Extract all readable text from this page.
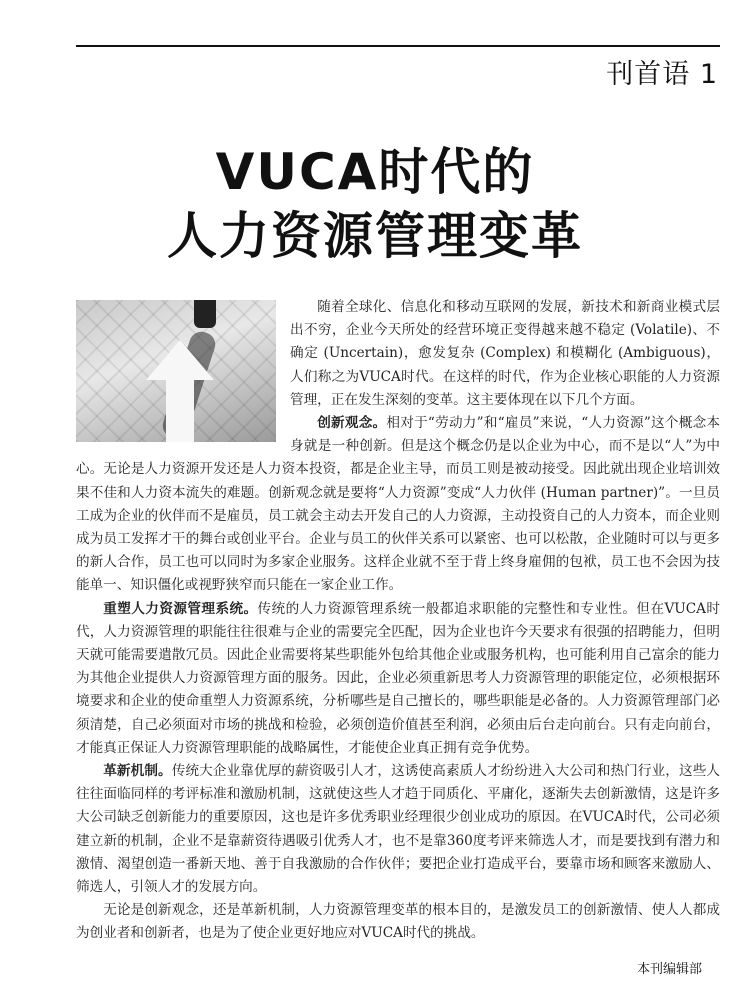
刊首语 1
VUCA时代的
人力资源管理变革

随着全球化、信息化和移动互联网的发展，新技术和新商业模式层出不穷，企业今天所处的经营环境正变得越来越不稳定 (Volatile)、不确定 (Uncertain)，愈发复杂 (Complex) 和模糊化 (Ambiguous)，人们称之为VUCA时代。在这样的时代，作为企业核心职能的人力资源管理，正在发生深刻的变革。这主要体现在以下几个方面。

创新观念。相对于“劳动力”和“雇员”来说，“人力资源”这个概念本身就是一种创新。但是这个概念仍是以企业为中心，而不是以“人”为中心。无论是人力资源开发还是人力资本投资，都是企业主导，而员工则是被动接受。因此就出现企业培训效果不佳和人力资本流失的难题。创新观念就是要将“人力资源”变成“人力伙伴 (Human partner)”。一旦员工成为企业的伙伴而不是雇员，员工就会主动去开发自己的人力资源，主动投资自己的人力资本，而企业则成为员工发挥才干的舞台或创业平台。企业与员工的伙伴关系可以紧密、也可以松散，企业随时可以与更多的新人合作，员工也可以同时为多家企业服务。这样企业就不至于背上终身雇佣的包袱，员工也不会因为技能单一、知识僵化或视野狭窄而只能在一家企业工作。

重塑人力资源管理系统。传统的人力资源管理系统一般都追求职能的完整性和专业性。但在VUCA时代，人力资源管理的职能往往很难与企业的需要完全匹配，因为企业也许今天要求有很强的招聘能力，但明天就可能需要遣散冗员。因此企业需要将某些职能外包给其他企业或服务机构，也可能利用自己富余的能力为其他企业提供人力资源管理方面的服务。因此，企业必须重新思考人力资源管理的职能定位，必须根据环境要求和企业的使命重塑人力资源系统，分析哪些是自己擅长的，哪些职能是必备的。人力资源管理部门必须清楚，自己必须面对市场的挑战和检验，必须创造价值甚至利润，必须由后台走向前台。只有走向前台，才能真正保证人力资源管理职能的战略属性，才能使企业真正拥有竞争优势。

革新机制。传统大企业靠优厚的薪资吸引人才，这诱使高素质人才纷纷进入大公司和热门行业，这些人往往面临同样的考评标准和激励机制，这就使这些人才趋于同质化、平庸化，逐渐失去创新激情，这是许多大公司缺乏创新能力的重要原因，这也是许多优秀职业经理很少创业成功的原因。在VUCA时代，公司必须建立新的机制，企业不是靠薪资待遇吸引优秀人才，也不是靠360度考评来筛选人才，而是要找到有潜力和激情、渴望创造一番新天地、善于自我激励的合作伙伴；要把企业打造成平台，要靠市场和顾客来激励人、筛选人，引领人才的发展方向。

无论是创新观念，还是革新机制，人力资源管理变革的根本目的，是激发员工的创新激情、使人人都成为创业者和创新者，也是为了使企业更好地应对VUCA时代的挑战。

本刊编辑部
